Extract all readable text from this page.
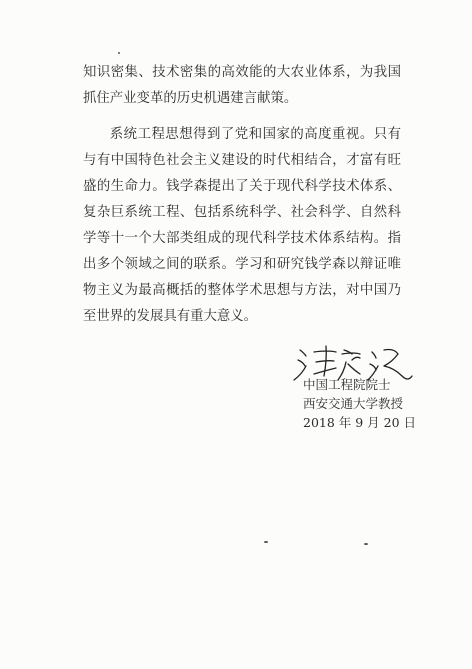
知识密集、技术密集的高效能的大农业体系，为我国抓住产业变革的历史机遇建言献策。

系统工程思想得到了党和国家的高度重视。只有与有中国特色社会主义建设的时代相结合，才富有旺盛的生命力。钱学森提出了关于现代科学技术体系、复杂巨系统工程、包括系统科学、社会科学、自然科学等十一个大部类组成的现代科学技术体系结构。指出多个领域之间的联系。学习和研究钱学森以辩证唯物主义为最高概括的整体学术思想与方法，对中国乃至世界的发展具有重大意义。

中国工程院院士
西安交通大学教授
2018 年 9 月 20 日
